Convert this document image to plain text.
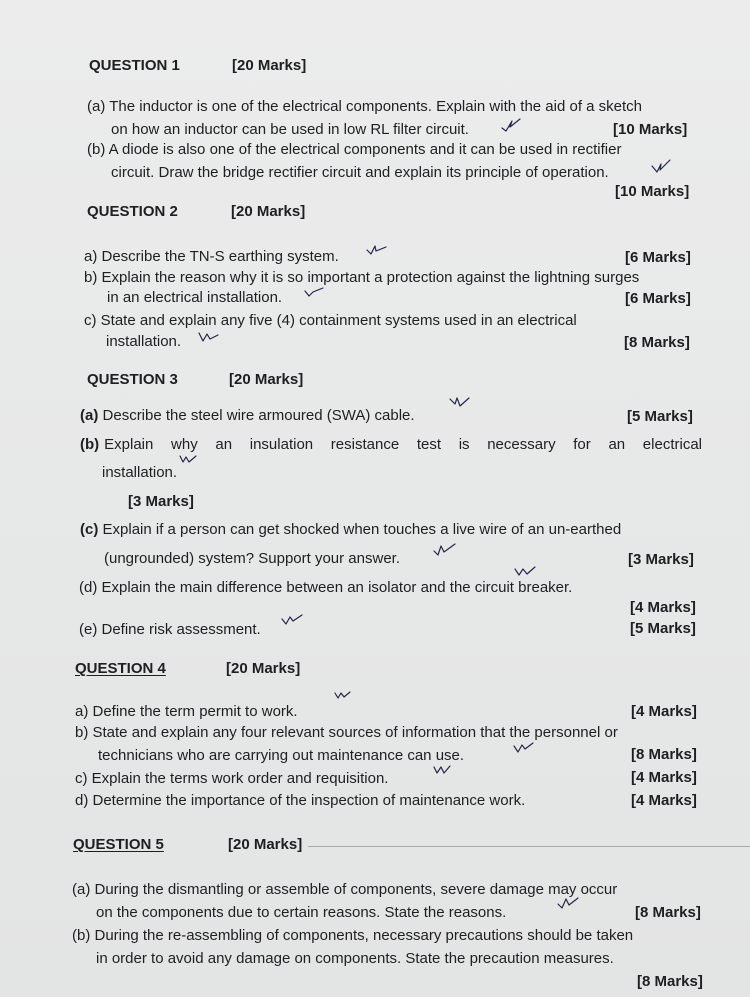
QUESTION 1	[20 Marks]
(a) The inductor is one of the electrical components. Explain with the aid of a sketch
on how an inductor can be used in low RL filter circuit.	[10 Marks]
(b) A diode is also one of the electrical components and it can be used in rectifier
circuit. Draw the bridge rectifier circuit and explain its principle of operation.
[10 Marks]
QUESTION 2	[20 Marks]
a) Describe the TN-S earthing system.	[6 Marks]
b) Explain the reason why it is so important a protection against the lightning surges
in an electrical installation.	[6 Marks]
c) State and explain any five (4) containment systems used in an electrical
installation.	[8 Marks]
QUESTION 3	[20 Marks]
(a) Describe the steel wire armoured (SWA) cable.	[5 Marks]
(b) Explain why an insulation resistance test is necessary for an electrical
installation.
[3 Marks]
(c) Explain if a person can get shocked when touches a live wire of an un-earthed
(ungrounded) system? Support your answer.	[3 Marks]
(d) Explain the main difference between an isolator and the circuit breaker.
[4 Marks]
(e) Define risk assessment.	[5 Marks]
QUESTION 4	[20 Marks]
a) Define the term permit to work.	[4 Marks]
b) State and explain any four relevant sources of information that the personnel or
technicians who are carrying out maintenance can use.	[8 Marks]
c) Explain the terms work order and requisition.	[4 Marks]
d) Determine the importance of the inspection of maintenance work.	[4 Marks]
QUESTION 5	[20 Marks]
(a) During the dismantling or assemble of components, severe damage may occur
on the components due to certain reasons. State the reasons.	[8 Marks]
(b) During the re-assembling of components, necessary precautions should be taken
in order to avoid any damage on components. State the precaution measures.
[8 Marks]
